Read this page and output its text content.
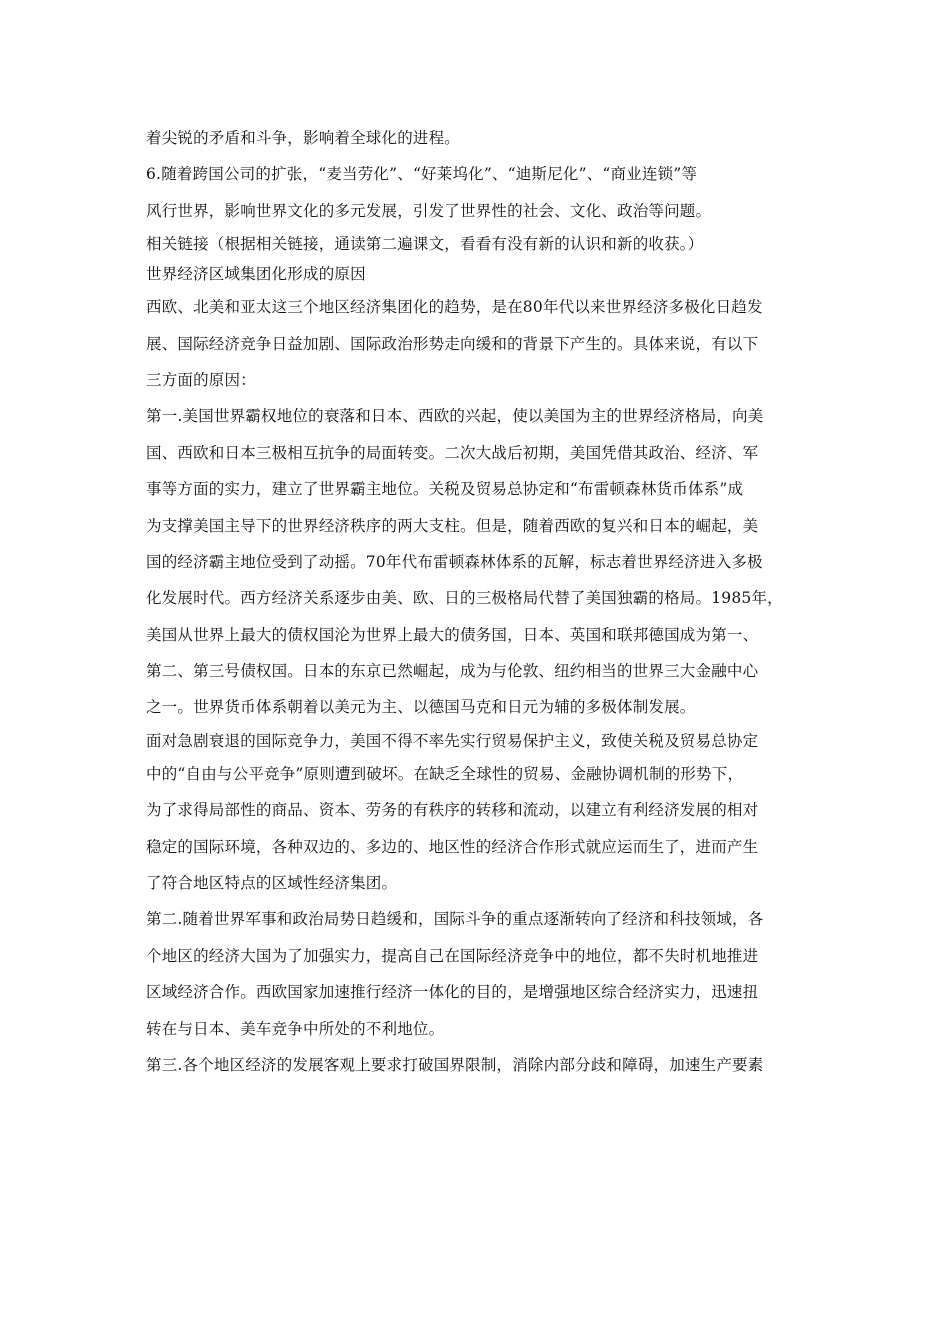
着尖锐的矛盾和斗争，影响着全球化的进程。
6.随着跨国公司的扩张，“麦当劳化”、“好莱坞化”、“迪斯尼化”、“商业连锁”等
风行世界，影响世界文化的多元发展，引发了世界性的社会、文化、政治等问题。
相关链接（根据相关链接，通读第二遍课文，看看有没有新的认识和新的收获。）
世界经济区域集团化形成的原因
西欧、北美和亚太这三个地区经济集团化的趋势，是在80年代以来世界经济多极化日趋发
展、国际经济竞争日益加剧、国际政治形势走向缓和的背景下产生的。具体来说，有以下
三方面的原因：
第一.美国世界霸权地位的衰落和日本、西欧的兴起，使以美国为主的世界经济格局，向美
国、西欧和日本三极相互抗争的局面转变。二次大战后初期，美国凭借其政治、经济、军
事等方面的实力，建立了世界霸主地位。关税及贸易总协定和“布雷顿森林货币体系”成
为支撑美国主导下的世界经济秩序的两大支柱。但是，随着西欧的复兴和日本的崛起，美
国的经济霸主地位受到了动摇。70年代布雷顿森林体系的瓦解，标志着世界经济进入多极
化发展时代。西方经济关系逐步由美、欧、日的三极格局代替了美国独霸的格局。1985年，
美国从世界上最大的债权国沦为世界上最大的债务国，日本、英国和联邦德国成为第一、
第二、第三号债权国。日本的东京已然崛起，成为与伦敦、纽约相当的世界三大金融中心
之一。世界货币体系朝着以美元为主、以德国马克和日元为辅的多极体制发展。
面对急剧衰退的国际竞争力，美国不得不率先实行贸易保护主义，致使关税及贸易总协定
中的“自由与公平竞争”原则遭到破坏。在缺乏全球性的贸易、金融协调机制的形势下，
为了求得局部性的商品、资本、劳务的有秩序的转移和流动，以建立有利经济发展的相对
稳定的国际环境，各种双边的、多边的、地区性的经济合作形式就应运而生了，进而产生
了符合地区特点的区域性经济集团。
第二.随着世界军事和政治局势日趋缓和，国际斗争的重点逐渐转向了经济和科技领域，各
个地区的经济大国为了加强实力，提高自己在国际经济竞争中的地位，都不失时机地推进
区域经济合作。西欧国家加速推行经济一体化的目的，是增强地区综合经济实力，迅速扭
转在与日本、美车竞争中所处的不利地位。
第三.各个地区经济的发展客观上要求打破国界限制，消除内部分歧和障碍，加速生产要素
